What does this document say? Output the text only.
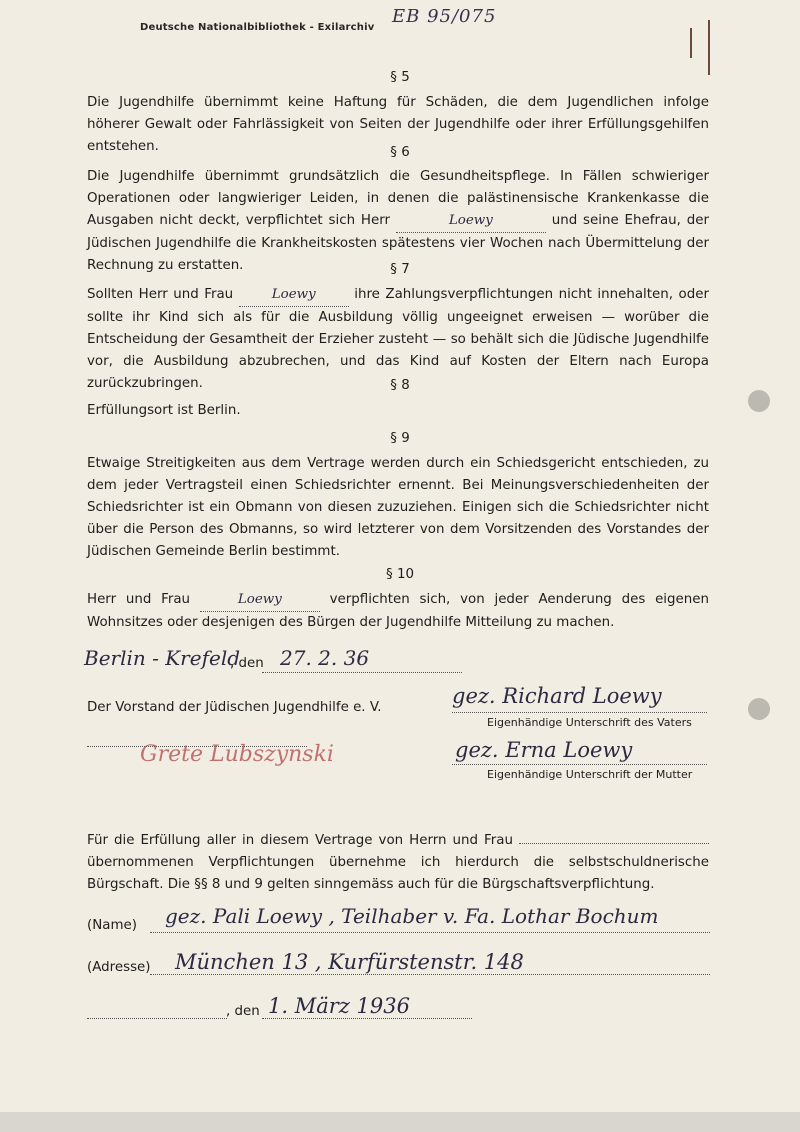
Deutsche Nationalbibliothek - Exilarchiv
EB 95/075
§ 5

Die Jugendhilfe übernimmt keine Haftung für Schäden, die dem Jugendlichen infolge höherer Gewalt oder Fahrlässigkeit von Seiten der Jugendhilfe oder ihrer Erfüllungsgehilfen entstehen.	§ 6

Die Jugendhilfe übernimmt grundsätzlich die Gesundheitspflege. In Fällen schwieriger Operationen oder langwieriger Leiden, in denen die palästinensische Krankenkasse die Ausgaben nicht deckt, verpflichtet sich Herr	Loewy	und seine Ehefrau, der Jüdischen Jugendhilfe die Krankheitskosten spätestens vier Wochen nach Übermittelung der Rechnung zu erstatten.	§ 7

Sollten Herr und Frau	Loewy	ihre Zahlungsverpflichtungen nicht innehalten, oder sollte ihr Kind sich als für die Ausbildung völlig ungeeignet erweisen — worüber die Entscheidung der Gesamtheit der Erzieher zusteht — so behält sich die Jüdische Jugendhilfe vor, die Ausbildung abzubrechen, und das Kind auf Kosten der Eltern nach Europa zurückzubringen.	§ 8

Erfüllungsort ist Berlin.

§ 9

Etwaige Streitigkeiten aus dem Vertrage werden durch ein Schiedsgericht entschieden, zu dem jeder Vertragsteil einen Schiedsrichter ernennt. Bei Meinungsverschiedenheiten der Schiedsrichter ist ein Obmann von diesen zuzuziehen. Einigen sich die Schiedsrichter nicht über die Person des Obmanns, so wird letzterer von dem Vorsitzenden des Vorstandes der Jüdischen Gemeinde Berlin bestimmt.

§ 10

Herr und Frau	Loewy	verpflichten sich, von jeder Aenderung des eigenen Wohnsitzes oder desjenigen des Bürgen der Jugendhilfe Mitteilung zu machen.

Berlin - Krefeld
, den 27. 2. 36
Der Vorstand der Jüdischen Jugendhilfe e. V.
Grete Lubszynski
gez. Richard Loewy
Eigenhändige Unterschrift des Vaters
gez. Erna Loewy
Eigenhändige Unterschrift der Mutter

Für die Erfüllung aller in diesem Vertrage von Herrn und Frau  übernommenen Verpflichtungen übernehme ich hierdurch die selbstschuldnerische Bürgschaft. Die §§ 8 und 9 gelten sinngemäss auch für die Bürgschaftsverpflichtung.

(Name) gez. Pali Loewy , Teilhaber v. Fa. Lothar Bochum
(Adresse) München 13 , Kurfürstenstr. 148
, den 1. März 1936
